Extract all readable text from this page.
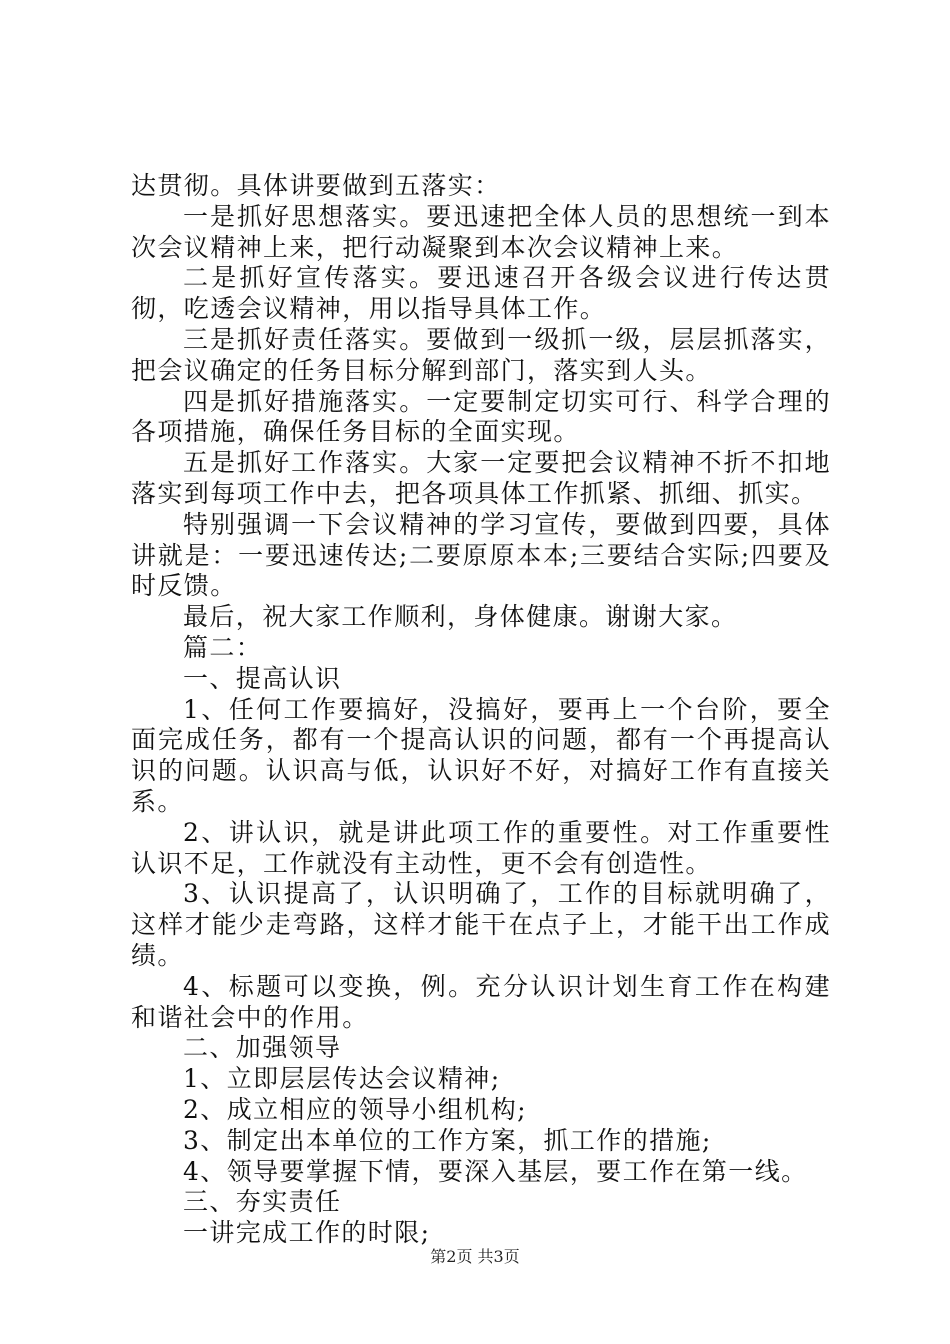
达贯彻。具体讲要做到五落实：

一是抓好思想落实。要迅速把全体人员的思想统一到本次会议精神上来，把行动凝聚到本次会议精神上来。

二是抓好宣传落实。要迅速召开各级会议进行传达贯彻，吃透会议精神，用以指导具体工作。

三是抓好责任落实。要做到一级抓一级，层层抓落实，把会议确定的任务目标分解到部门，落实到人头。

四是抓好措施落实。一定要制定切实可行、科学合理的各项措施，确保任务目标的全面实现。

五是抓好工作落实。大家一定要把会议精神不折不扣地落实到每项工作中去，把各项具体工作抓紧、抓细、抓实。

特别强调一下会议精神的学习宣传，要做到四要，具体讲就是：一要迅速传达;二要原原本本;三要结合实际;四要及时反馈。

最后，祝大家工作顺利，身体健康。谢谢大家。

篇二：

一、提高认识

1、任何工作要搞好，没搞好，要再上一个台阶，要全面完成任务，都有一个提高认识的问题，都有一个再提高认识的问题。认识高与低，认识好不好，对搞好工作有直接关系。

2、讲认识，就是讲此项工作的重要性。对工作重要性认识不足，工作就没有主动性，更不会有创造性。

3、认识提高了，认识明确了，工作的目标就明确了，这样才能少走弯路，这样才能干在点子上，才能干出工作成绩。

4、标题可以变换，例。充分认识计划生育工作在构建和谐社会中的作用。

二、加强领导

1、立即层层传达会议精神;

2、成立相应的领导小组机构;

3、制定出本单位的工作方案，抓工作的措施;

4、领导要掌握下情，要深入基层，要工作在第一线。

三、夯实责任

一讲完成工作的时限;

第2页 共3页
